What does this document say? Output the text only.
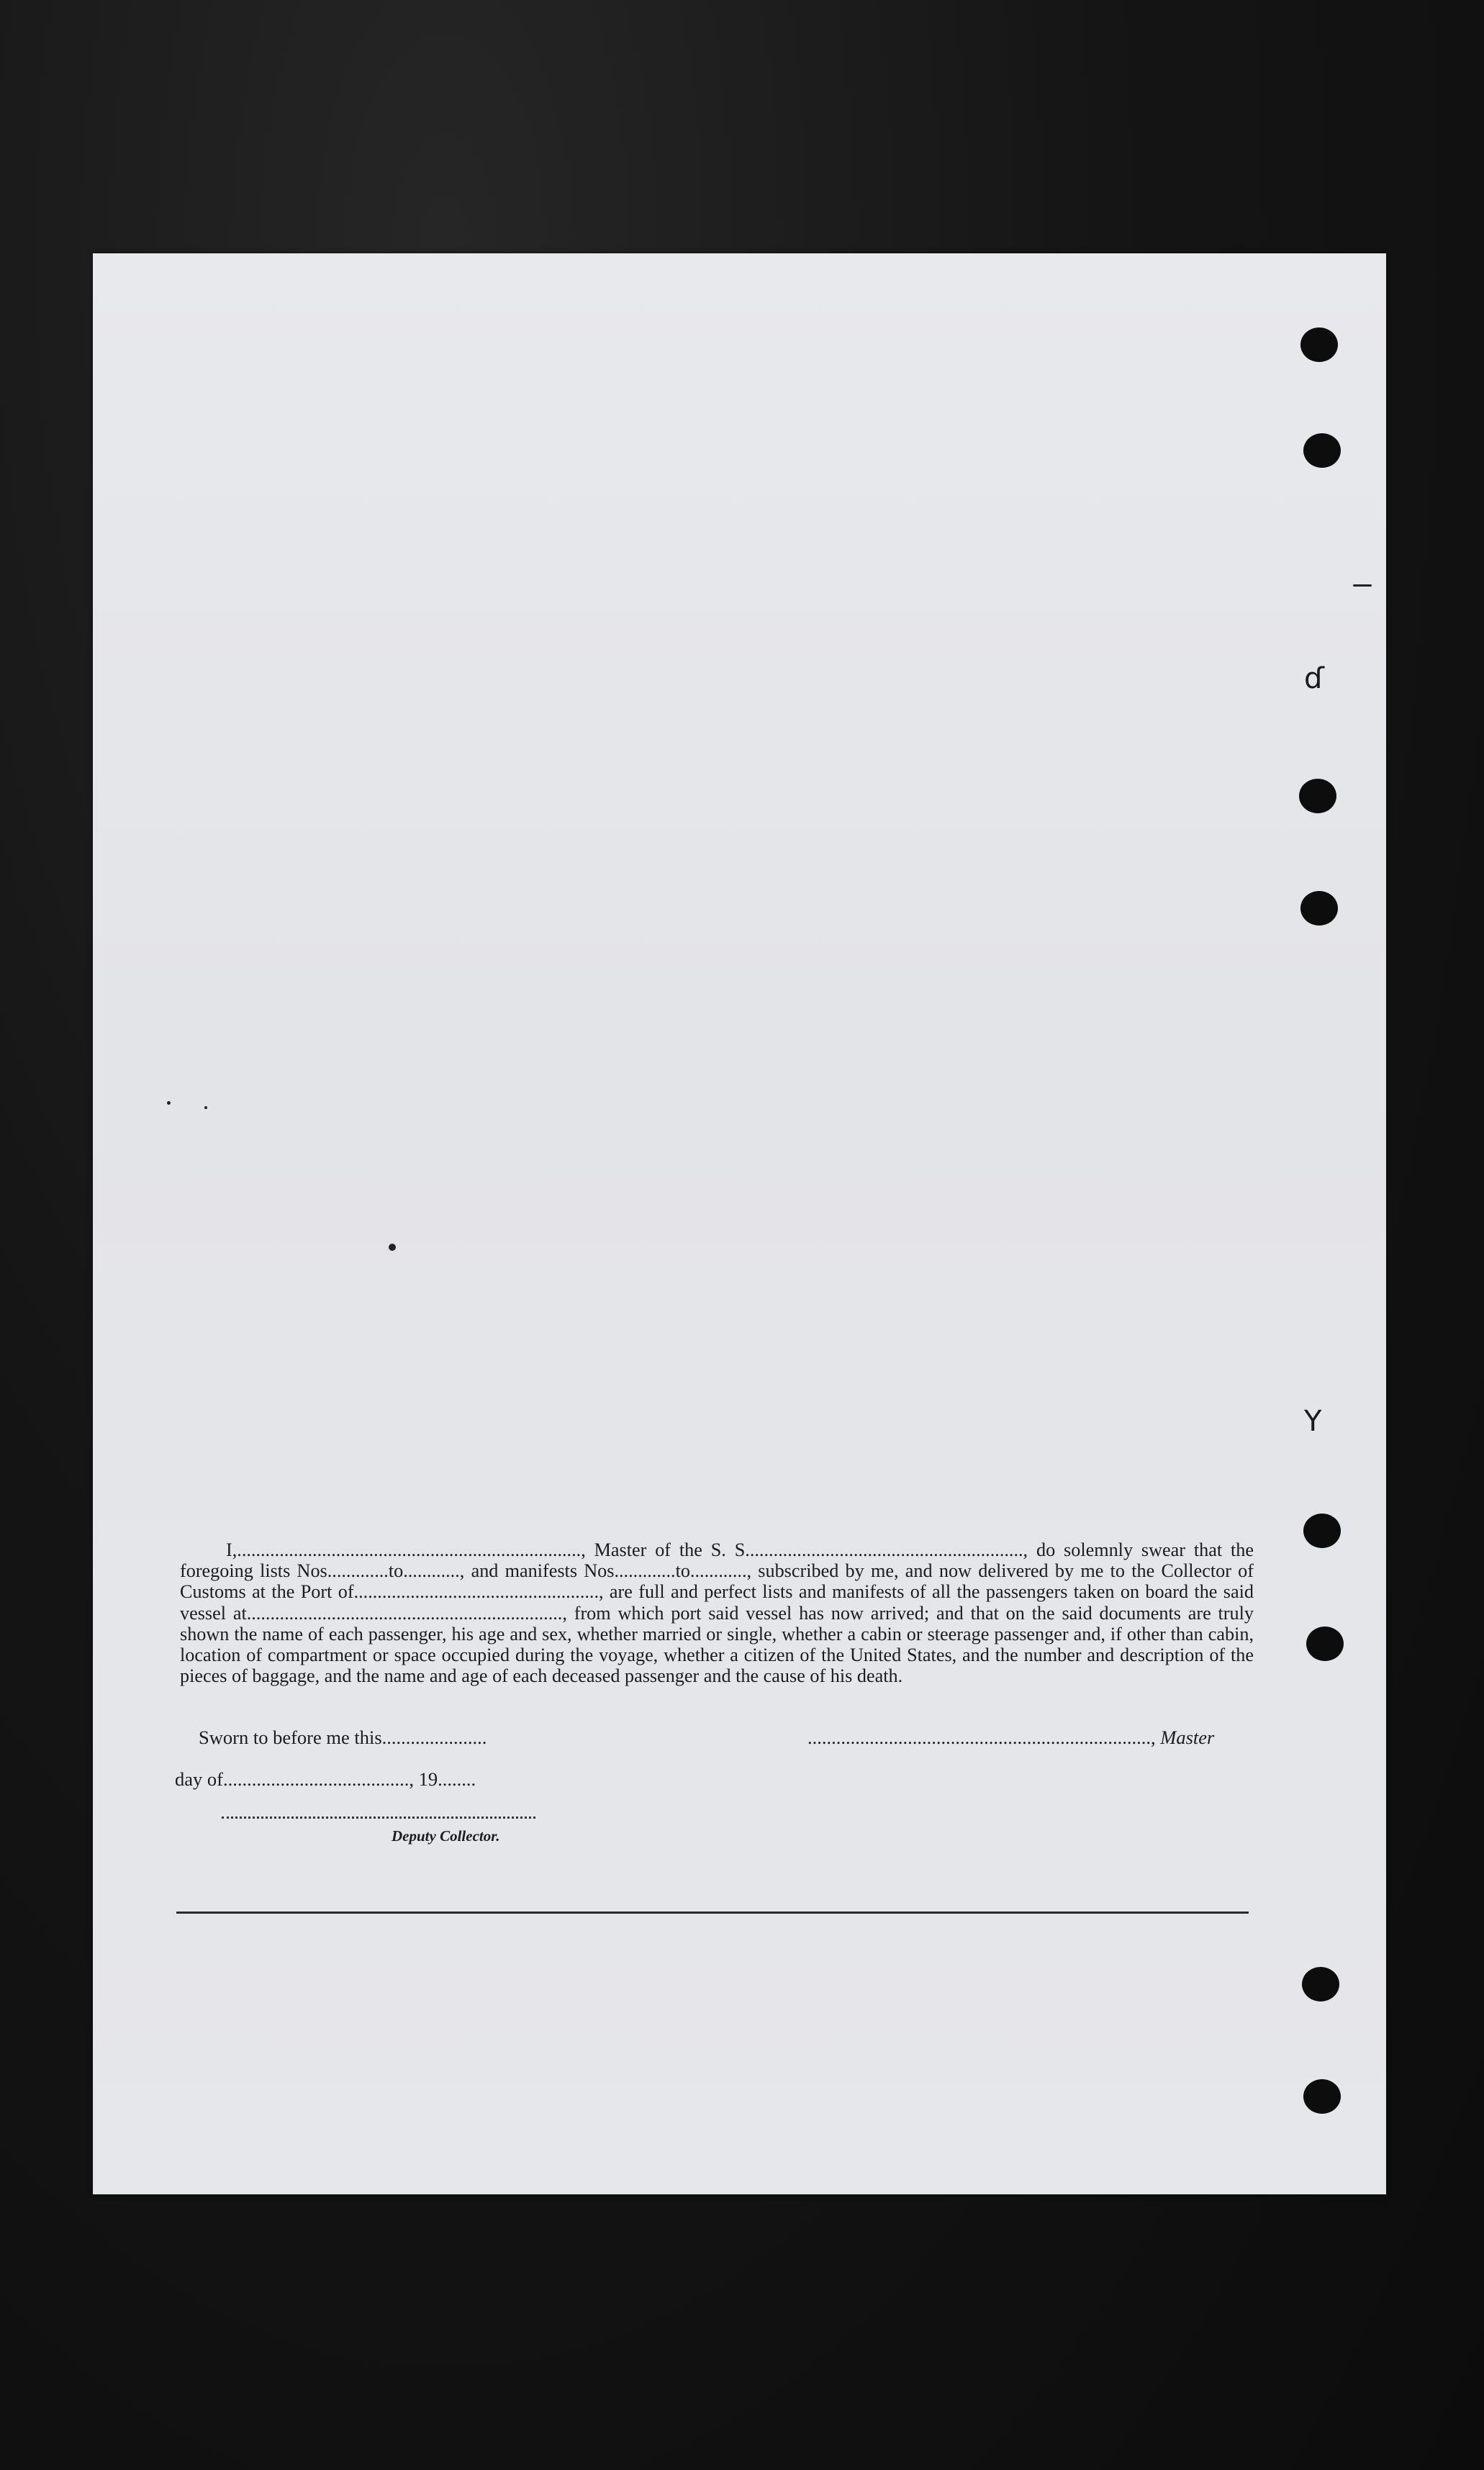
ɗ
Υ

I,........................................................................., Master of the S. S..........................................................., do solemnly swear that the foregoing lists Nos.............to............, and manifests Nos.............to............, subscribed by me, and now delivered by me to the Collector of Customs at the Port of...................................................., are full and perfect lists and manifests of all the passengers taken on board the said vessel at..................................................................., from which port said vessel has now arrived; and that on the said documents are truly shown the name of each passenger, his age and sex, whether married or single, whether a cabin or steerage passenger and, if other than cabin, location of compartment or space occupied during the voyage, whether a citizen of the United States, and the number and description of the pieces of baggage, and the name and age of each deceased passenger and the cause of his death.

Sworn to before me this......................	........................................................................, Master
day of......................................., 19........
Deputy Collector.
